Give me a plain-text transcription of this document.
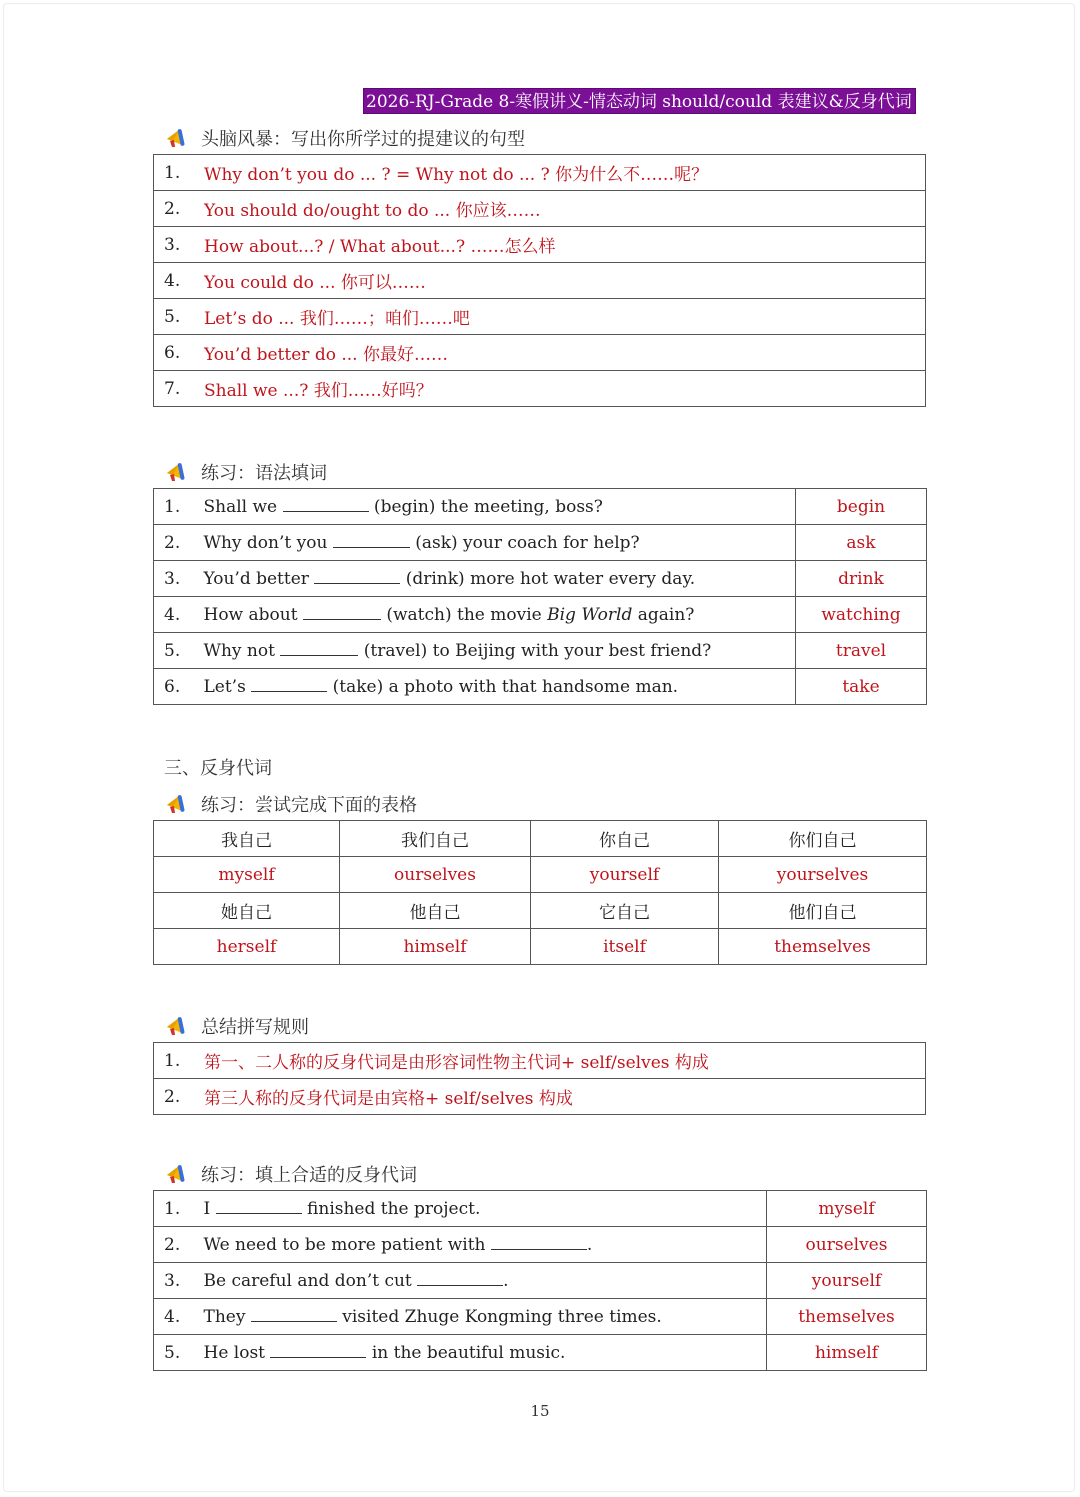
2026-RJ-Grade 8-寒假讲义-情态动词 should/could 表建议&反身代词
头脑风暴：写出你所学过的提建议的句型
1.	Why don’t you do ... ? = Why not do ... ? 你为什么不……呢？
2.	You should do/ought to do ... 你应该……
3.	How about...? / What about...? ……怎么样
4.	You could do ... 你可以……
5.	Let’s do ... 我们……；咱们……吧
6.	You’d better do ... 你最好……
7.	Shall we ...? 我们……好吗？
练习：语法填词
1.	Shall we (begin) the meeting, boss?	begin
2.	Why don’t you (ask) your coach for help?	ask
3.	You’d better (drink) more hot water every day.	drink
4.	How about (watch) the movie Big World again?	watching
5.	Why not (travel) to Beijing with your best friend?	travel
6.	Let’s (take) a photo with that handsome man.	take
三、反身代词
练习：尝试完成下面的表格
我自己	我们自己	你自己	你们自己
myself	ourselves	yourself	yourselves
她自己	他自己	它自己	他们自己
herself	himself	itself	themselves
总结拼写规则
1.	第一、二人称的反身代词是由形容词性物主代词+ self/selves 构成
2.	第三人称的反身代词是由宾格+ self/selves 构成
练习：填上合适的反身代词
1.	I finished the project.	myself
2.	We need to be more patient with .	ourselves
3.	Be careful and don’t cut .	yourself
4.	They visited Zhuge Kongming three times.	themselves
5.	He lost in the beautiful music.	himself
15
